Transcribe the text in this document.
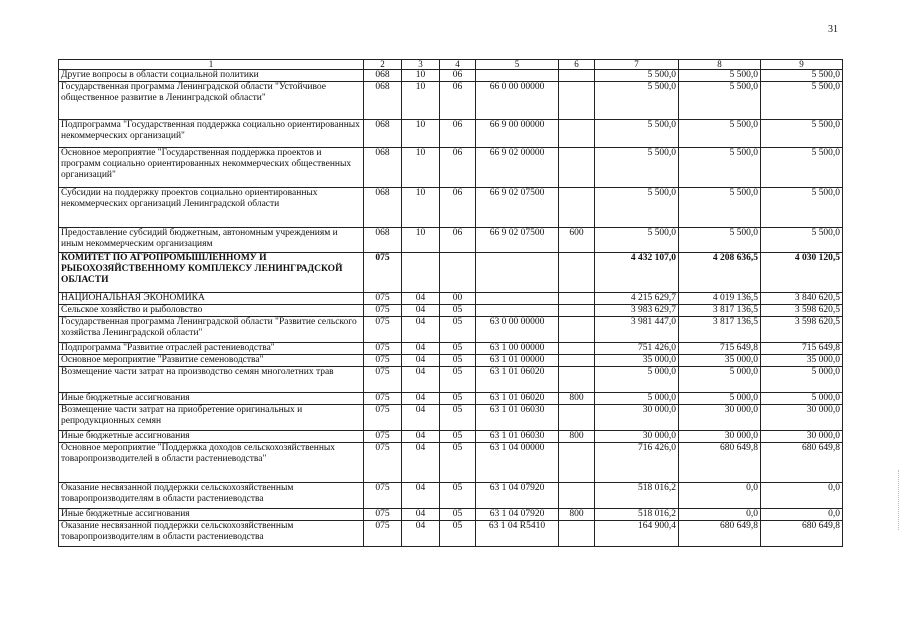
31
1	2	3	4	5	6	7	8	9
Другие вопросы в области социальной политики	068	10	06			5 500,0	5 500,0	5 500,0
Государственная программа Ленинградской области "Устойчивое общественное развитие в Ленинградской области"	068	10	06	66 0 00 00000		5 500,0	5 500,0	5 500,0
Подпрограмма "Государственная поддержка социально ориентированных некоммерческих организаций"	068	10	06	66 9 00 00000		5 500,0	5 500,0	5 500,0
Основное мероприятие "Государственная поддержка проектов и программ социально ориентированных некоммерческих общественных организаций"	068	10	06	66 9 02 00000		5 500,0	5 500,0	5 500,0
Субсидии на поддержку проектов социально ориентированных некоммерческих организаций Ленинградской области	068	10	06	66 9 02 07500		5 500,0	5 500,0	5 500,0
Предоставление субсидий бюджетным, автономным учреждениям и иным некоммерческим организациям	068	10	06	66 9 02 07500	600	5 500,0	5 500,0	5 500,0
КОМИТЕТ ПО АГРОПРОМЫШЛЕННОМУ И РЫБОХОЗЯЙСТВЕННОМУ КОМПЛЕКСУ ЛЕНИНГРАДСКОЙ ОБЛАСТИ	075					4 432 107,0	4 208 636,5	4 030 120,5
НАЦИОНАЛЬНАЯ ЭКОНОМИКА	075	04	00			4 215 629,7	4 019 136,5	3 840 620,5
Сельское хозяйство и рыболовство	075	04	05			3 983 629,7	3 817 136,5	3 598 620,5
Государственная программа Ленинградской области "Развитие сельского хозяйства Ленинградской области"	075	04	05	63 0 00 00000		3 981 447,0	3 817 136,5	3 598 620,5
Подпрограмма "Развитие отраслей растениеводства"	075	04	05	63 1 00 00000		751 426,0	715 649,8	715 649,8
Основное мероприятие "Развитие семеноводства"	075	04	05	63 1 01 00000		35 000,0	35 000,0	35 000,0
Возмещение части затрат на производство семян многолетних трав	075	04	05	63 1 01 06020		5 000,0	5 000,0	5 000,0
Иные бюджетные ассигнования	075	04	05	63 1 01 06020	800	5 000,0	5 000,0	5 000,0
Возмещение части затрат на приобретение оригинальных и репродукционных семян	075	04	05	63 1 01 06030		30 000,0	30 000,0	30 000,0
Иные бюджетные ассигнования	075	04	05	63 1 01 06030	800	30 000,0	30 000,0	30 000,0
Основное мероприятие "Поддержка доходов сельскохозяйственных товаропроизводителей в области растениеводства"	075	04	05	63 1 04 00000		716 426,0	680 649,8	680 649,8
Оказание несвязанной поддержки сельскохозяйственным товаропроизводителям в области растениеводства	075	04	05	63 1 04 07920		518 016,2	0,0	0,0
Иные бюджетные ассигнования	075	04	05	63 1 04 07920	800	518 016,2	0,0	0,0
Оказание несвязанной поддержки сельскохозяйственным товаропроизводителям в области растениеводства	075	04	05	63 1 04 R5410		164 900,4	680 649,8	680 649,8
